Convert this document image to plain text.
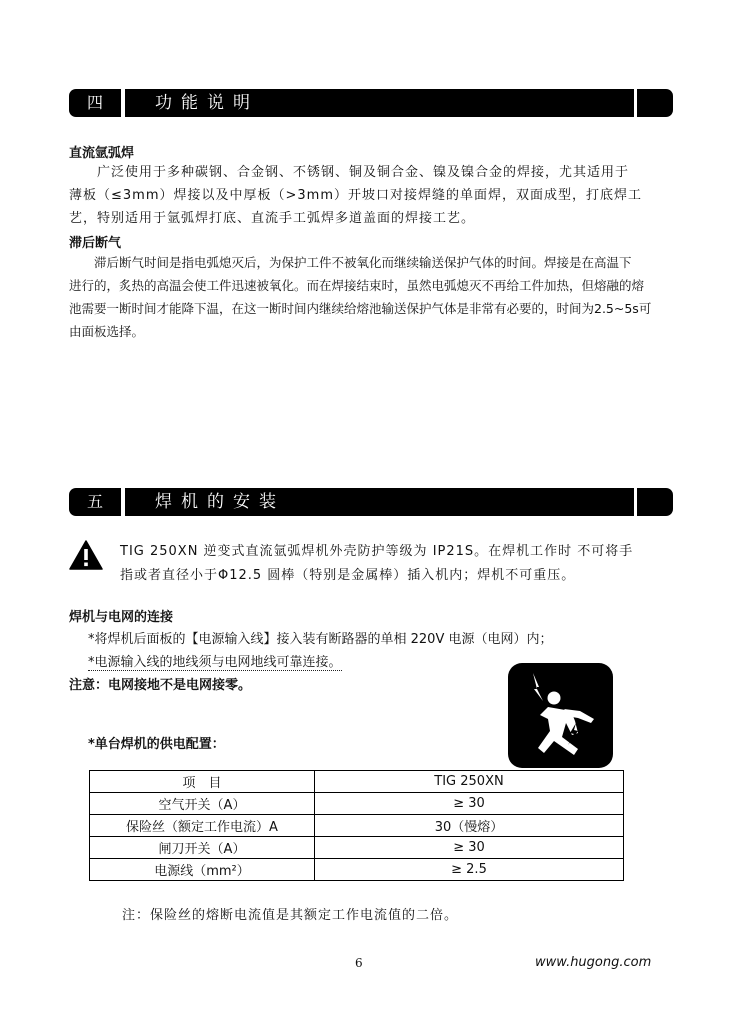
四	功能说明
直流氩弧焊
　　广泛使用于多种碳钢、合金钢、不锈钢、铜及铜合金、镍及镍合金的焊接，尤其适用于
薄板（≤3mm）焊接以及中厚板（>3mm）开坡口对接焊缝的单面焊，双面成型，打底焊工
艺，特别适用于氩弧焊打底、直流手工弧焊多道盖面的焊接工艺。
滞后断气
　　滞后断气时间是指电弧熄灭后，为保护工件不被氧化而继续输送保护气体的时间。焊接是在高温下
进行的，炙热的高温会使工件迅速被氧化。而在焊接结束时，虽然电弧熄灭不再给工件加热，但熔融的熔
池需要一断时间才能降下温，在这一断时间内继续给熔池输送保护气体是非常有必要的，时间为2.5~5s可
由面板选择。
五	焊机的安装
TIG 250XN 逆变式直流氩弧焊机外壳防护等级为 IP21S。在焊机工作时 不可将手
指或者直径小于Φ12.5 圆棒（特别是金属棒）插入机内；焊机不可重压。
焊机与电网的连接
*将焊机后面板的【电源输入线】接入装有断路器的单相 220V 电源（电网）内；
*电源输入线的地线须与电网地线可靠连接。
注意：电网接地不是电网接零。
*单台焊机的供电配置：
项　目	TIG 250XN
空气开关（A）	≥ 30
保险丝（额定工作电流）A	30（慢熔）
闸刀开关（A）	≥ 30
电源线（mm²）	≥ 2.5
注：保险丝的熔断电流值是其额定工作电流值的二倍。
6	www.hugong.com
